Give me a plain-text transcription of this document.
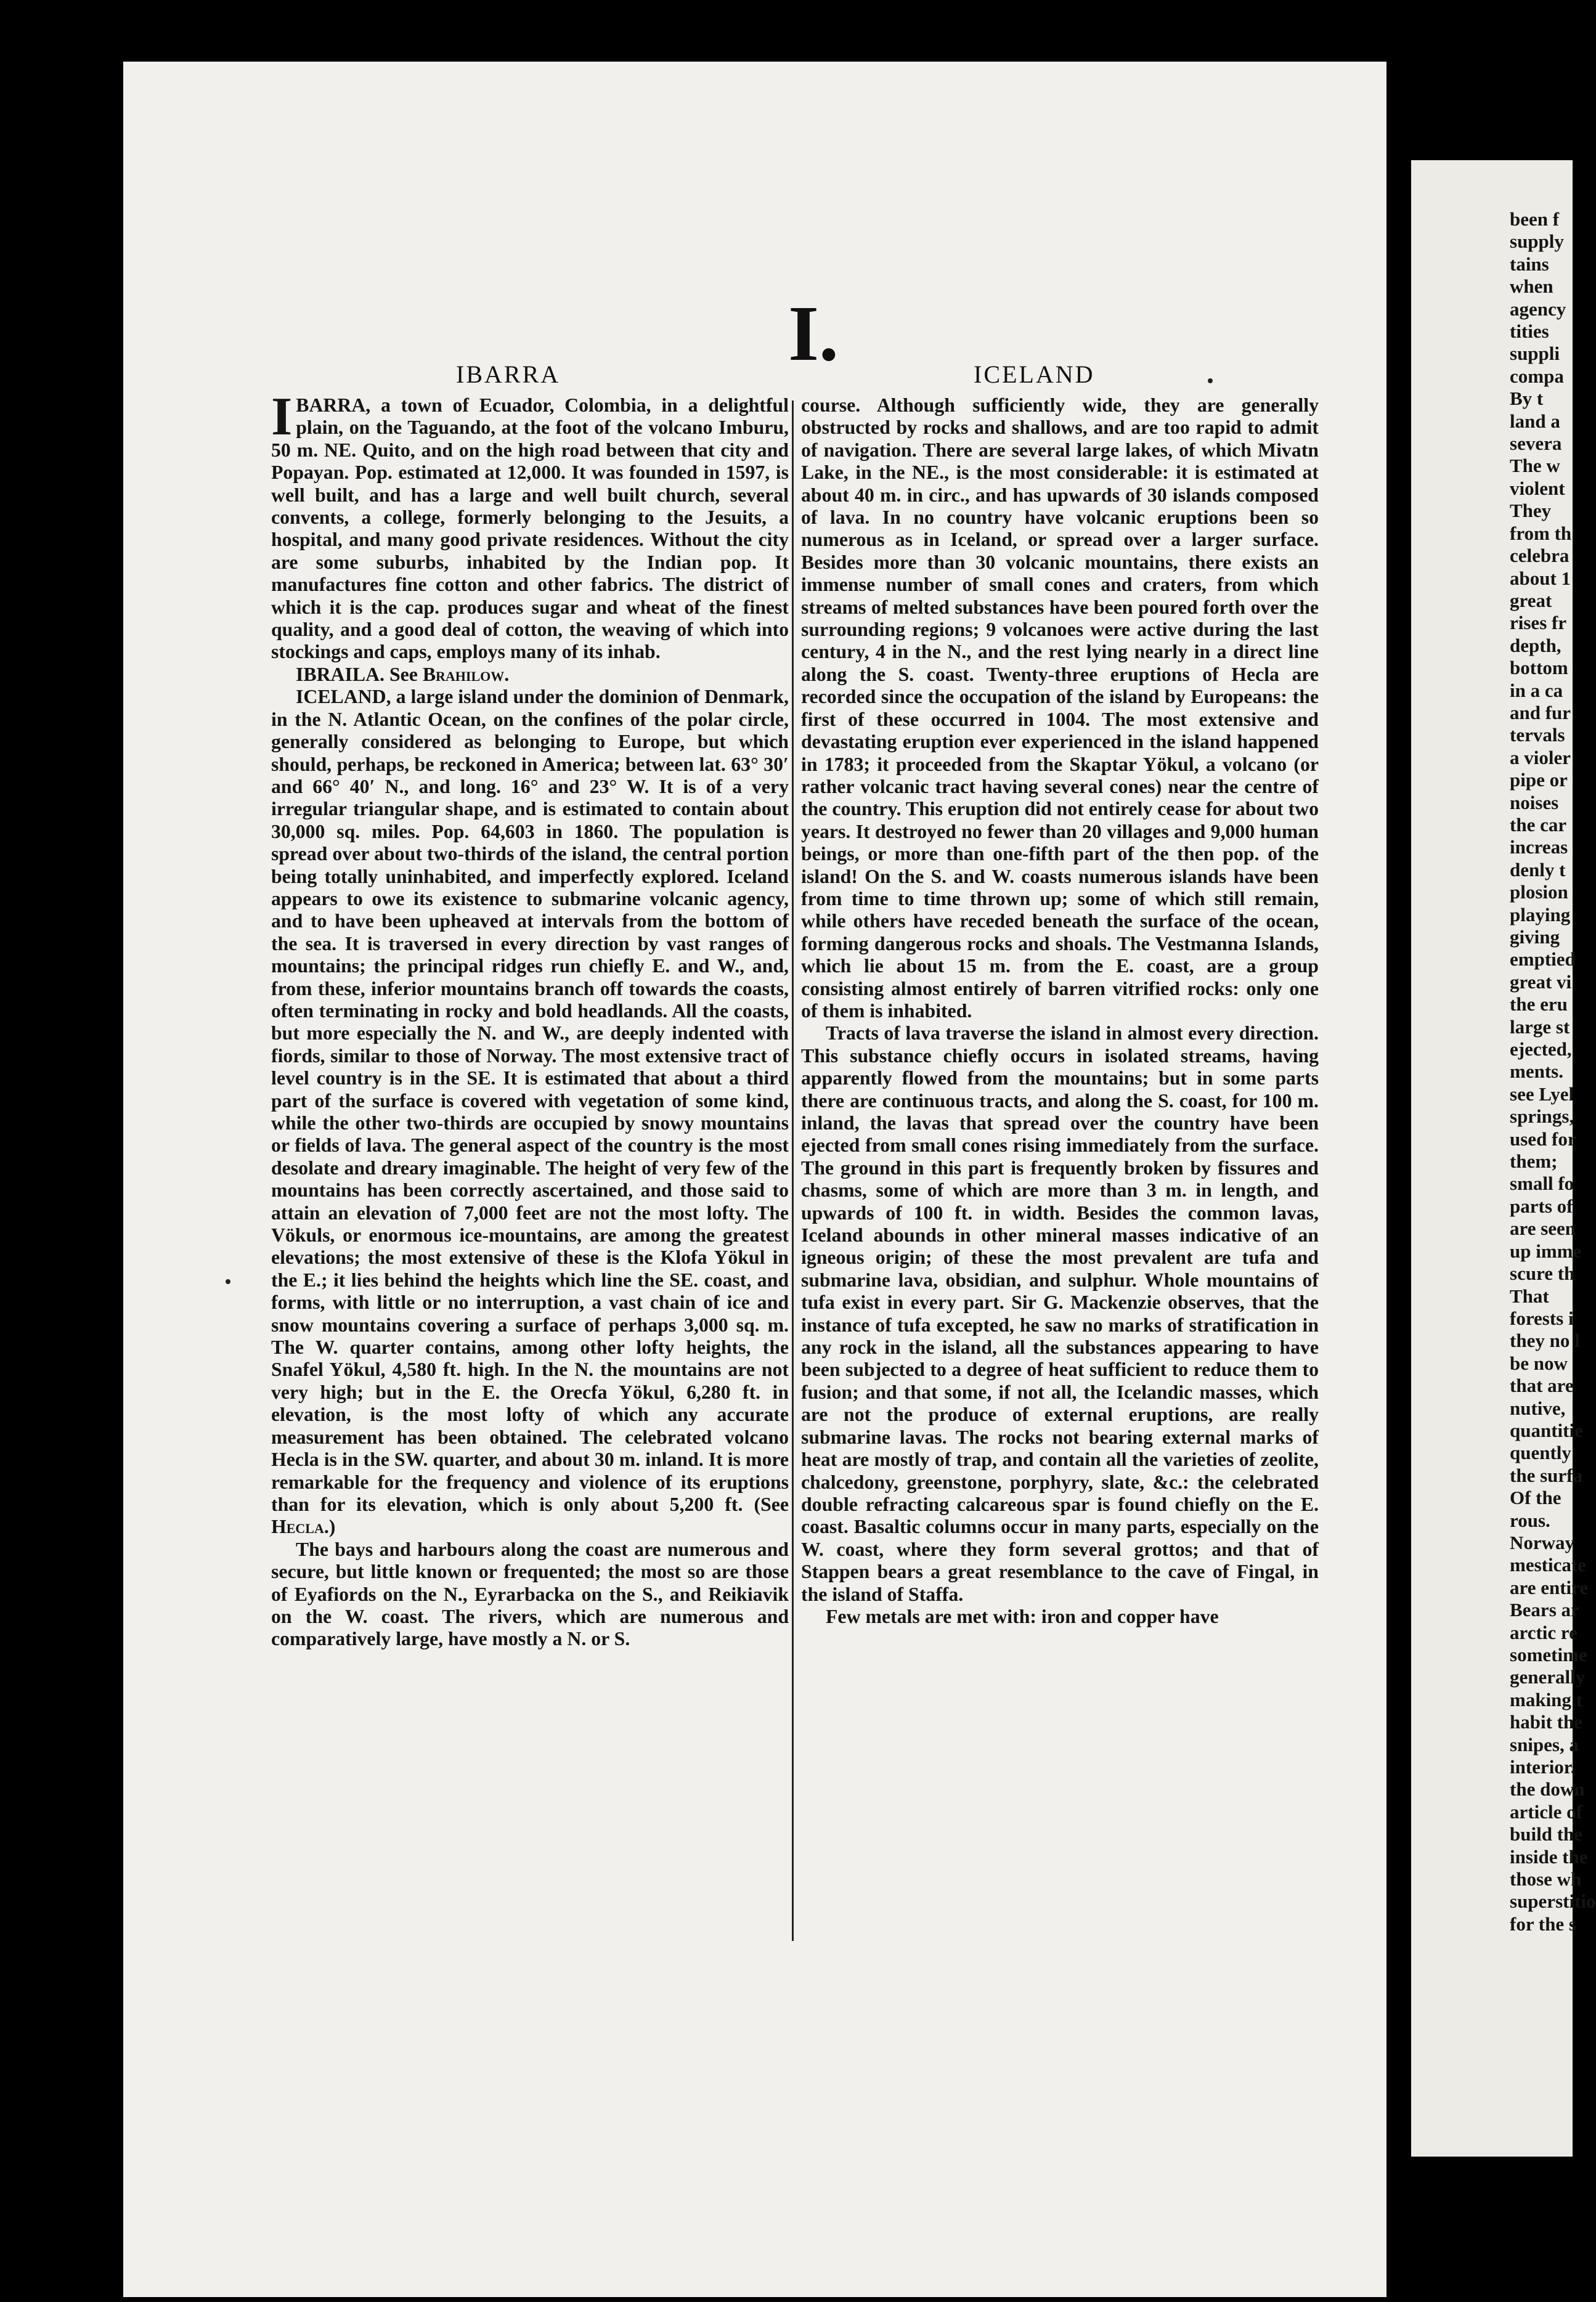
I.
IBARRA	ICELAND

IBARRA, a town of Ecuador, Colombia, in a delightful plain, on the Taguando, at the foot of the volcano Imburu, 50 m. NE. Quito, and on the high road between that city and Popayan. Pop. estimated at 12,000. It was founded in 1597, is well built, and has a large and well built church, several convents, a college, formerly belonging to the Jesuits, a hospital, and many good private residences. Without the city are some suburbs, inhabited by the Indian pop. It manufactures fine cotton and other fabrics. The district of which it is the cap. produces sugar and wheat of the finest quality, and a good deal of cotton, the weaving of which into stockings and caps, employs many of its inhab.

IBRAILA. See Brahilow.

ICELAND, a large island under the dominion of Denmark, in the N. Atlantic Ocean, on the confines of the polar circle, generally considered as belonging to Europe, but which should, perhaps, be reckoned in America; between lat. 63° 30′ and 66° 40′ N., and long. 16° and 23° W. It is of a very irregular triangular shape, and is estimated to contain about 30,000 sq. miles. Pop. 64,603 in 1860. The population is spread over about two-thirds of the island, the central portion being totally uninhabited, and imperfectly explored. Iceland appears to owe its existence to submarine volcanic agency, and to have been upheaved at intervals from the bottom of the sea. It is traversed in every direction by vast ranges of mountains; the principal ridges run chiefly E. and W., and, from these, inferior mountains branch off towards the coasts, often terminating in rocky and bold headlands. All the coasts, but more especially the N. and W., are deeply indented with fiords, similar to those of Norway. The most extensive tract of level country is in the SE. It is estimated that about a third part of the surface is covered with vegetation of some kind, while the other two-thirds are occupied by snowy mountains or fields of lava. The general aspect of the country is the most desolate and dreary imaginable. The height of very few of the mountains has been correctly ascertained, and those said to attain an elevation of 7,000 feet are not the most lofty. The Vökuls, or enormous ice-mountains, are among the greatest elevations; the most extensive of these is the Klofa Yökul in the E.; it lies behind the heights which line the SE. coast, and forms, with little or no interruption, a vast chain of ice and snow mountains covering a surface of perhaps 3,000 sq. m. The W. quarter contains, among other lofty heights, the Snafel Yökul, 4,580 ft. high. In the N. the mountains are not very high; but in the E. the Orecfa Yökul, 6,280 ft. in elevation, is the most lofty of which any accurate measurement has been obtained. The celebrated volcano Hecla is in the SW. quarter, and about 30 m. inland. It is more remarkable for the frequency and violence of its eruptions than for its elevation, which is only about 5,200 ft. (See Hecla.)

The bays and harbours along the coast are numerous and secure, but little known or frequented; the most so are those of Eyafiords on the N., Eyrarbacka on the S., and Reikiavik on the W. coast. The rivers, which are numerous and comparatively large, have mostly a N. or S.

course. Although sufficiently wide, they are generally obstructed by rocks and shallows, and are too rapid to admit of navigation. There are several large lakes, of which Mivatn Lake, in the NE., is the most considerable: it is estimated at about 40 m. in circ., and has upwards of 30 islands composed of lava. In no country have volcanic eruptions been so numerous as in Iceland, or spread over a larger surface. Besides more than 30 volcanic mountains, there exists an immense number of small cones and craters, from which streams of melted substances have been poured forth over the surrounding regions; 9 volcanoes were active during the last century, 4 in the N., and the rest lying nearly in a direct line along the S. coast. Twenty-three eruptions of Hecla are recorded since the occupation of the island by Europeans: the first of these occurred in 1004. The most extensive and devastating eruption ever experienced in the island happened in 1783; it proceeded from the Skaptar Yökul, a volcano (or rather volcanic tract having several cones) near the centre of the country. This eruption did not entirely cease for about two years. It destroyed no fewer than 20 villages and 9,000 human beings, or more than one-fifth part of the then pop. of the island! On the S. and W. coasts numerous islands have been from time to time thrown up; some of which still remain, while others have receded beneath the surface of the ocean, forming dangerous rocks and shoals. The Vestmanna Islands, which lie about 15 m. from the E. coast, are a group consisting almost entirely of barren vitrified rocks: only one of them is inhabited.

Tracts of lava traverse the island in almost every direction. This substance chiefly occurs in isolated streams, having apparently flowed from the mountains; but in some parts there are continuous tracts, and along the S. coast, for 100 m. inland, the lavas that spread over the country have been ejected from small cones rising immediately from the surface. The ground in this part is frequently broken by fissures and chasms, some of which are more than 3 m. in length, and upwards of 100 ft. in width. Besides the common lavas, Iceland abounds in other mineral masses indicative of an igneous origin; of these the most prevalent are tufa and submarine lava, obsidian, and sulphur. Whole mountains of tufa exist in every part. Sir G. Mackenzie observes, that the instance of tufa excepted, he saw no marks of stratification in any rock in the island, all the substances appearing to have been subjected to a degree of heat sufficient to reduce them to fusion; and that some, if not all, the Icelandic masses, which are not the produce of external eruptions, are really submarine lavas. The rocks not bearing external marks of heat are mostly of trap, and contain all the varieties of zeolite, chalcedony, greenstone, porphyry, slate, &c.: the celebrated double refracting calcareous spar is found chiefly on the E. coast. Basaltic columns occur in many parts, especially on the W. coast, where they form several grottos; and that of Stappen bears a great resemblance to the cave of Fingal, in the island of Staffa.

Few metals are met with: iron and copper have

been f
supply
tains
when
agency
tities
suppli
compa
By t
land a
severa
The w
violent
They
from th
celebra
about 1
great
rises fr
depth,
bottom
in a ca
and fur
tervals
a violer
pipe or
noises
the car
increas
denly t
plosion
playing
giving
emptied
great vi
the eru
large st
ejected,
ments.
see Lyel
springs,
used for
them;
small fo
parts of
are seen
up imme
scure th
That
forests i
they no l
be now
that are
nutive,
quantitie
quently
the surfa
Of the
rous.
Norway
mesticate
are entire
Bears ar
arctic re
sometime
generally
making t
habit the
snipes, a
interior.
the down
article of
build the
inside the
those wh
superstitio
for the s
